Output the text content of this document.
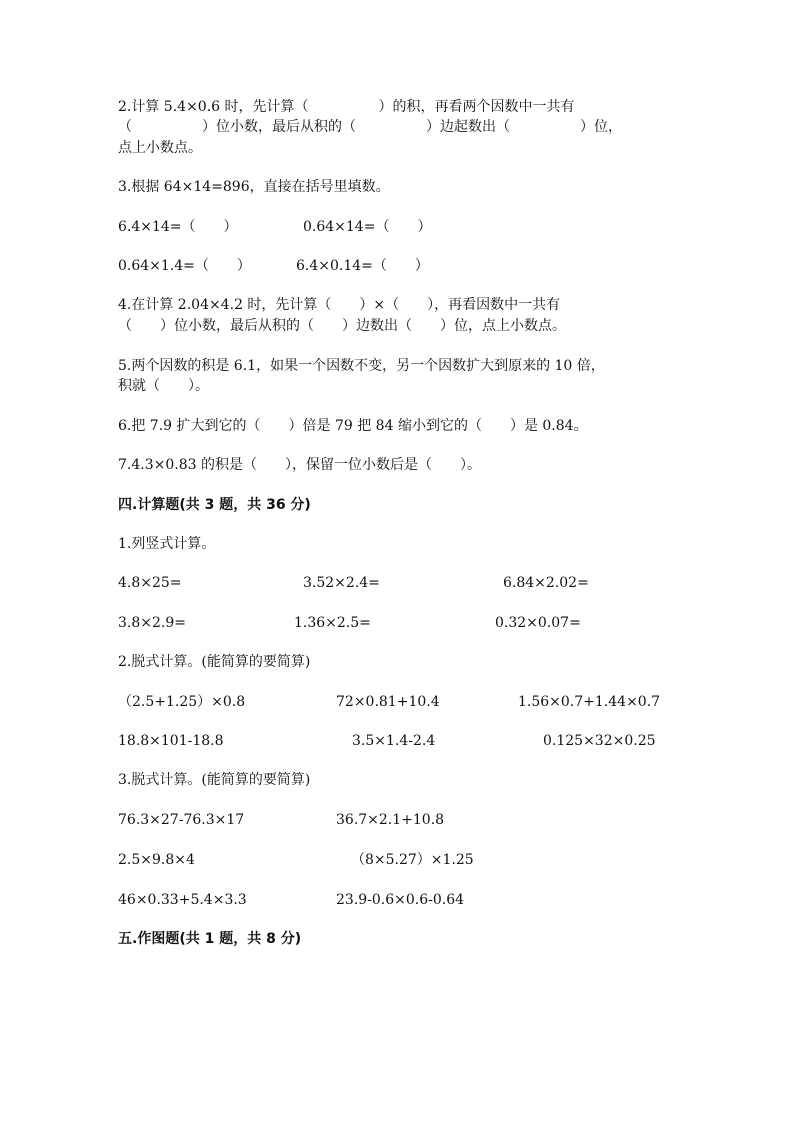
2.计算 5.4×0.6 时，先计算（　　　　　）的积，再看两个因数中一共有
（　　　　　）位小数，最后从积的（　　　　　）边起数出（　　　　　）位，
点上小数点。
3.根据 64×14=896，直接在括号里填数。
6.4×14=（　　）	0.64×14=（　　）
0.64×1.4=（　　）	6.4×0.14=（　　）
4.在计算 2.04×4.2 时，先计算（　　）×（　　），再看因数中一共有
（　　）位小数，最后从积的（　　）边数出（　　）位，点上小数点。
5.两个因数的积是 6.1，如果一个因数不变，另一个因数扩大到原来的 10 倍，
积就（　　）。
6.把 7.9 扩大到它的（　　）倍是 79 把 84 缩小到它的（　　）是 0.84。
7.4.3×0.83 的积是（　　），保留一位小数后是（　　）。
四.计算题(共 3 题，共 36 分)
1.列竖式计算。
4.8×25=	3.52×2.4=	6.84×2.02=
3.8×2.9=	1.36×2.5=	0.32×0.07=
2.脱式计算。(能简算的要简算)
（2.5+1.25）×0.8	72×0.81+10.4	1.56×0.7+1.44×0.7
18.8×101-18.8	3.5×1.4-2.4	0.125×32×0.25
3.脱式计算。(能简算的要简算)
76.3×27-76.3×17	36.7×2.1+10.8
2.5×9.8×4	（8×5.27）×1.25
46×0.33+5.4×3.3	23.9-0.6×0.6-0.64
五.作图题(共 1 题，共 8 分)
